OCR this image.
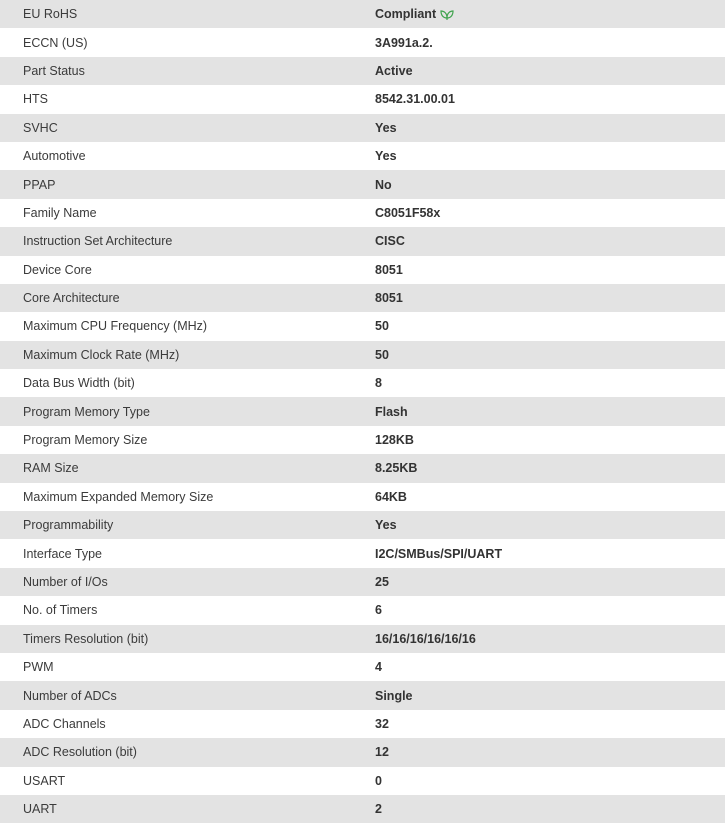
EU RoHS	Compliant
ECCN (US)	3A991a.2.
Part Status	Active
HTS	8542.31.00.01
SVHC	Yes
Automotive	Yes
PPAP	No
Family Name	C8051F58x
Instruction Set Architecture	CISC
Device Core	8051
Core Architecture	8051
Maximum CPU Frequency (MHz)	50
Maximum Clock Rate (MHz)	50
Data Bus Width (bit)	8
Program Memory Type	Flash
Program Memory Size	128KB
RAM Size	8.25KB
Maximum Expanded Memory Size	64KB
Programmability	Yes
Interface Type	I2C/SMBus/SPI/UART
Number of I/Os	25
No. of Timers	6
Timers Resolution (bit)	16/16/16/16/16/16
PWM	4
Number of ADCs	Single
ADC Channels	32
ADC Resolution (bit)	12
USART	0
UART	2
